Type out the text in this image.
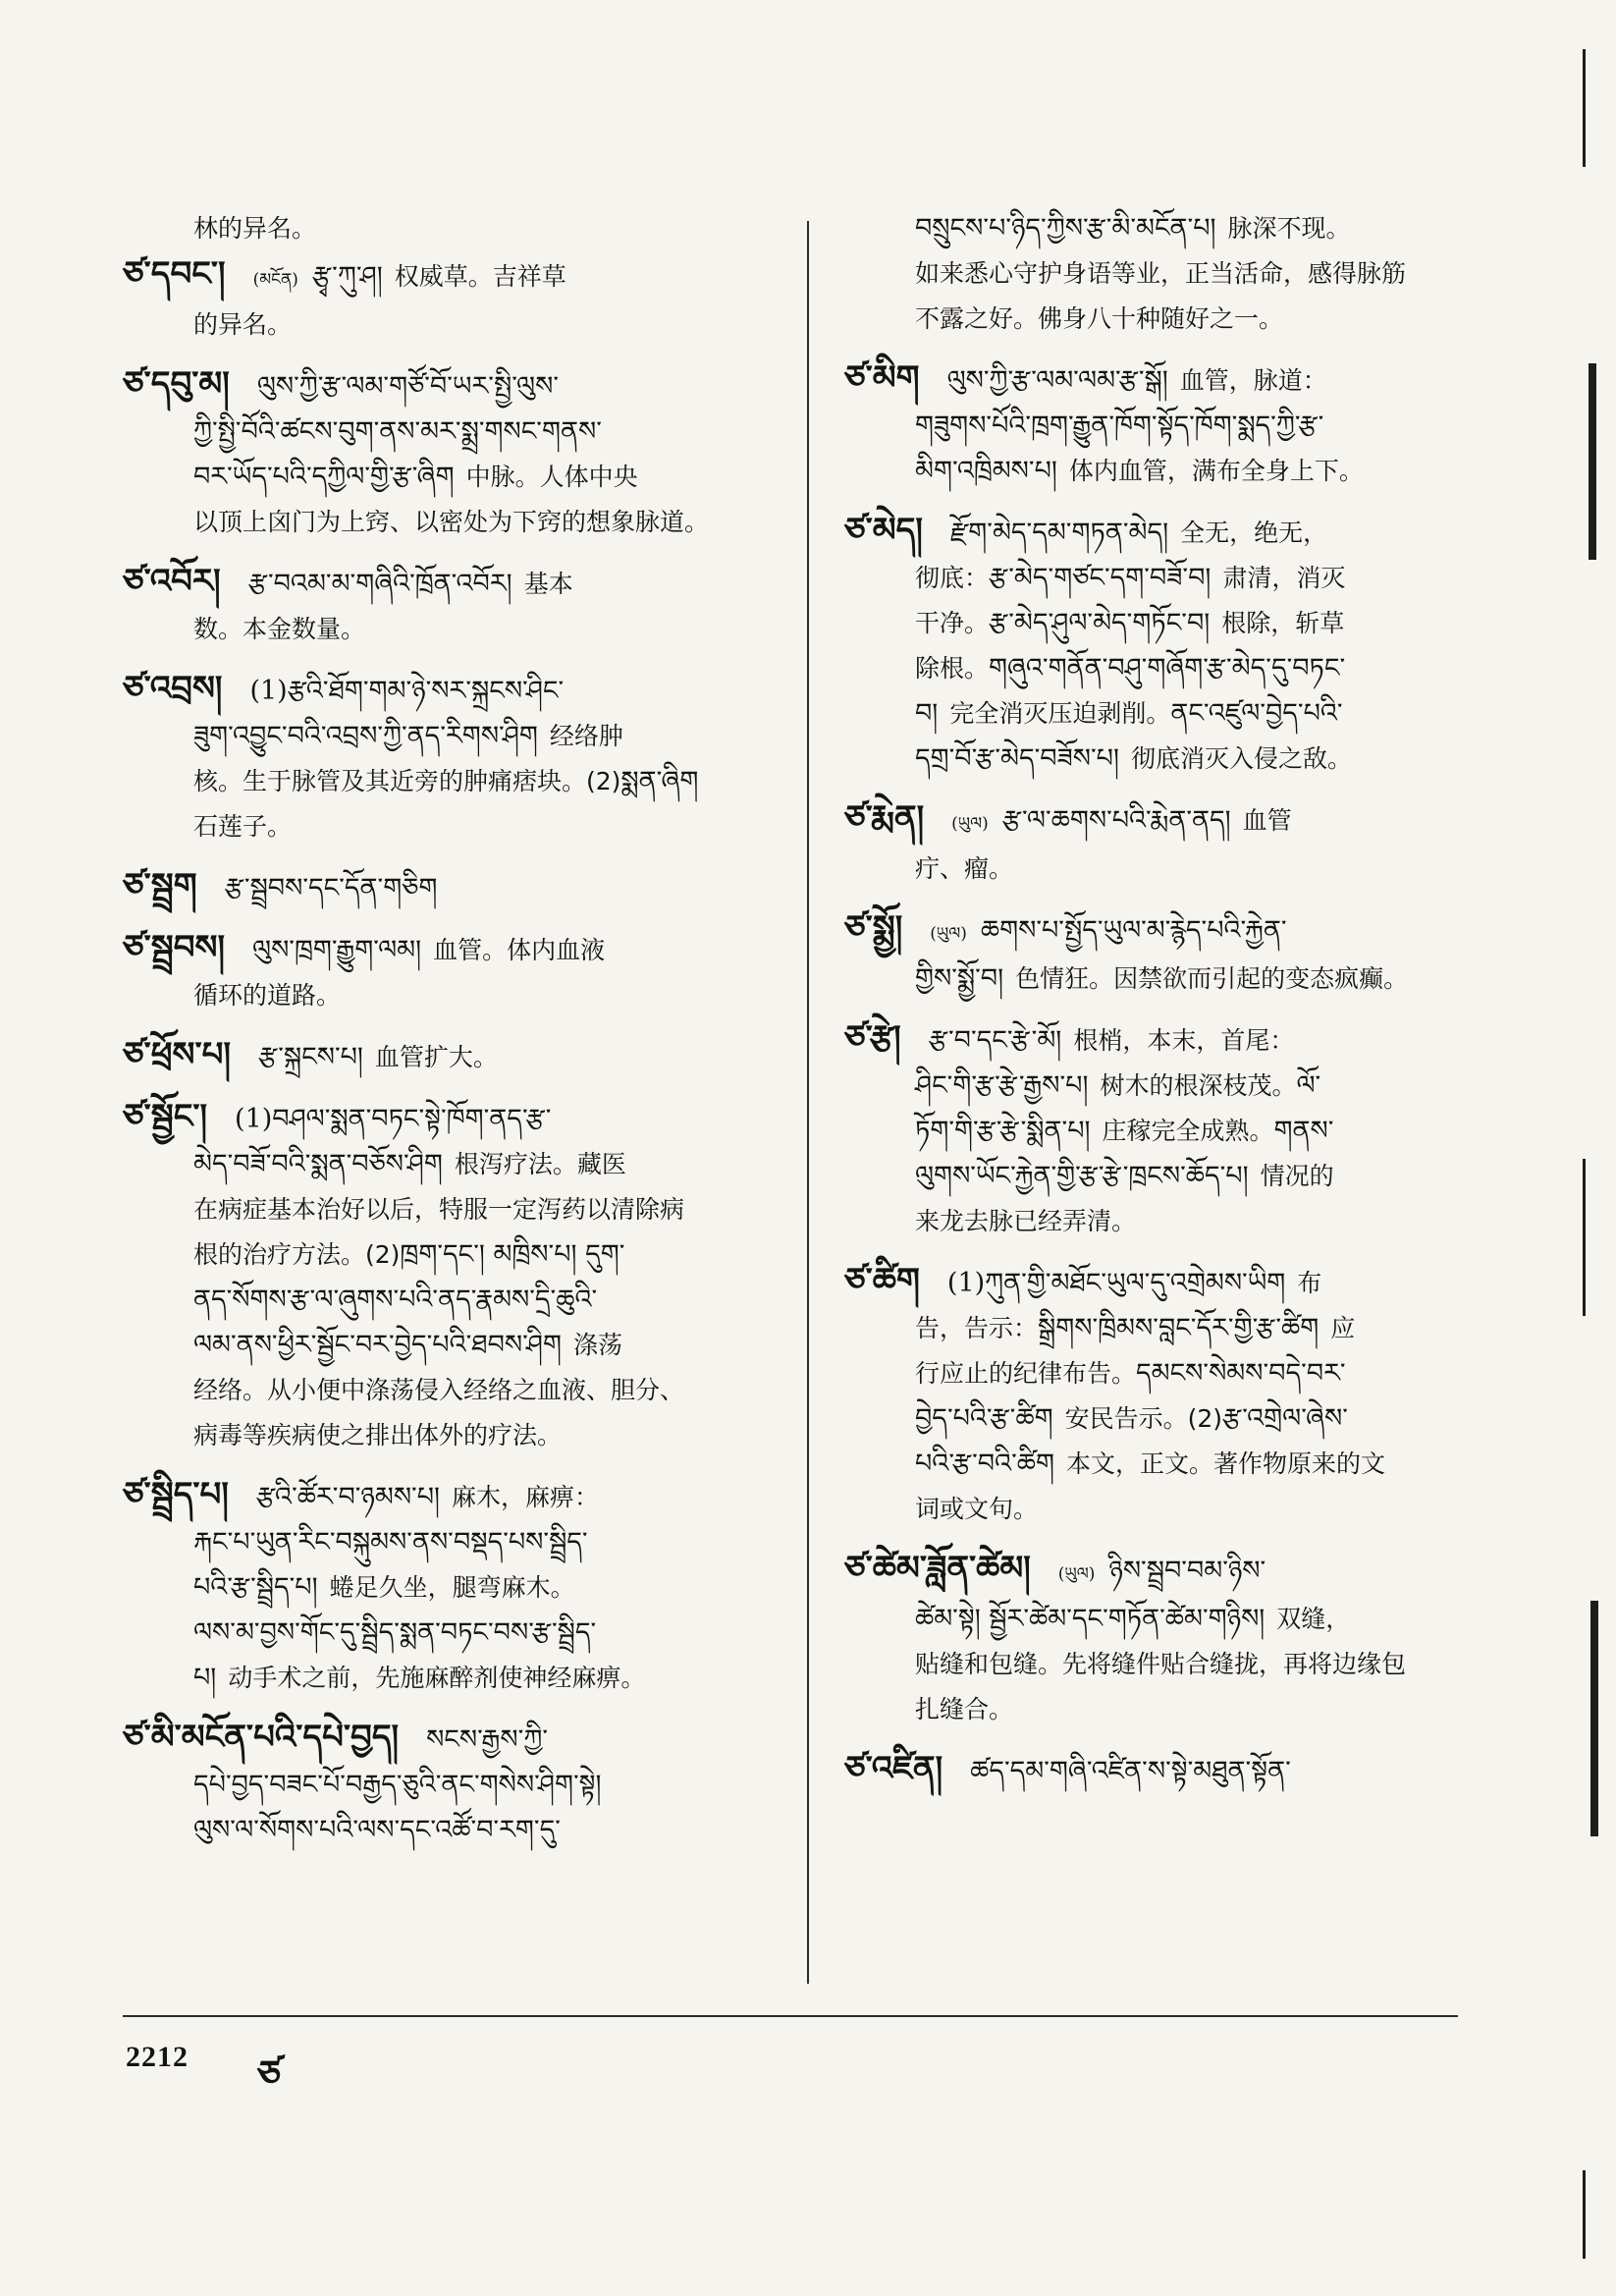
林的异名。
ཙ་དབང་། (མངོན) རྩྭ་ཀུ་ཤ། 权威草。吉祥草
的异名。
ཙ་དབུ་མ། ལུས་ཀྱི་རྩ་ལམ་གཙོ་བོ་ཡར་སྤྱི་ལུས་
ཀྱི་སྤྱི་བོའི་ཚངས་བུག་ནས་མར་སྨྲ་གསང་གནས་
བར་ཡོད་པའི་དཀྱིལ་གྱི་རྩ་ཞིག 中脉。人体中央
以顶上囟门为上窍、以密处为下窍的想象脉道。
ཙ་འབོར། རྩ་བའམ་མ་གཞིའི་ཁྲོན་འབོར། 基本
数。本金数量。
ཙ་འབྲས། (1)རྩའི་ཐོག་གམ་ཉེ་སར་སྐྲངས་ཤིང་
ཟུག་འབྱུང་བའི་འབྲས་ཀྱི་ནད་རིགས་ཤིག 经络肿
核。生于脉管及其近旁的肿痛痞块。(2)སྨན་ཞིག
石莲子。
ཙ་སྦྲག རྩ་སྦྲབས་དང་དོན་གཅིག
ཙ་སྦྲབས། ལུས་ཁྲག་རྒྱུག་ལམ། 血管。体内血液
循环的道路。
ཙ་ཕྲོས་པ། རྩ་སྐྲངས་པ། 血管扩大。
ཙ་སྦྱོང་། (1)བཤལ་སྨན་བཏང་སྟེ་ཁོག་ནད་རྩ་
མེད་བཟོ་བའི་སྨན་བཅོས་ཤིག 根泻疗法。藏医
在病症基本治好以后，特服一定泻药以清除病
根的治疗方法。(2)ཁྲག་དང་། མཁྲིས་པ། དུག་
ནད་སོགས་རྩ་ལ་ཞུགས་པའི་ནད་རྣམས་དྲི་ཆུའི་
ལམ་ནས་ཕྱིར་སྦྱོང་བར་བྱེད་པའི་ཐབས་ཤིག 涤荡
经络。从小便中涤荡侵入经络之血液、胆分、
病毒等疾病使之排出体外的疗法。
ཙ་སྦྲིད་པ། རྩའི་ཚོར་བ་ཉམས་པ། 麻木，麻痹：
རྐང་པ་ཡུན་རིང་བསྐུམས་ནས་བསྡད་པས་སྦྲིད་
པའི་རྩ་སྦྲིད་པ། 蜷足久坐，腿弯麻木。
ལས་མ་བྱས་གོང་དུ་སྦྲིད་སྨན་བཏང་བས་རྩ་སྦྲིད་
པ། 动手术之前，先施麻醉剂使神经麻痹。
ཙ་མི་མངོན་པའི་དཔེ་བྱད། སངས་རྒྱས་ཀྱི་
དཔེ་བྱད་བཟང་པོ་བརྒྱད་ཅུའི་ནང་གསེས་ཤིག་སྟེ།
ལུས་ལ་སོགས་པའི་ལས་དང་འཚོ་བ་རག་དུ་
བསྲུངས་པ་ཉིད་ཀྱིས་རྩ་མི་མངོན་པ། 脉深不现。
如来悉心守护身语等业，正当活命，感得脉筋
不露之好。佛身八十种随好之一。
ཙ་མིག ལུས་ཀྱི་རྩ་ལམ་ལམ་རྩ་སྒོ། 血管，脉道：
གཟུགས་པོའི་ཁྲག་རྒྱུན་ཁོག་སྟོད་ཁོག་སྨད་ཀྱི་རྩ་
མིག་འཁྲིམས་པ། 体内血管，满布全身上下。
ཙ་མེད། རྫོག་མེད་དམ་གཏན་མེད། 全无，绝无，
彻底：རྩ་མེད་གཙང་དག་བཟོ་བ། 肃清，消灭
干净。རྩ་མེད་ཤུལ་མེད་གཏོང་བ། 根除，斩草
除根。གཞུའ་གནོན་བཤུ་གཞོག་རྩ་མེད་དུ་བཏང་
བ། 完全消灭压迫剥削。ནང་འཛུལ་བྱེད་པའི་
དགྲ་བོ་རྩ་མེད་བཟོས་པ། 彻底消灭入侵之敌。
ཙ་རྨེན། (ཡུལ) རྩ་ལ་ཆགས་པའི་རྨེན་ནད། 血管
疔、瘤。
ཙ་སྨྱོ། (ཡུལ) ཆགས་པ་སྤྱོད་ཡུལ་མ་རྙེད་པའི་རྐྱེན་
གྱིས་སྨྱོ་བ། 色情狂。因禁欲而引起的变态疯癫。
ཙ་རྩེ། རྩ་བ་དང་རྩེ་མོ། 根梢，本末，首尾：
ཤིང་གི་རྩ་རྩེ་རྒྱས་པ། 树木的根深枝茂。ལོ་
ཏོག་གི་རྩ་རྩེ་སྨིན་པ། 庄稼完全成熟。གནས་
ལུགས་ཡོང་རྐྱེན་གྱི་རྩ་རྩེ་ཁྲངས་ཆོད་པ། 情况的
来龙去脉已经弄清。
ཙ་ཚིག (1)ཀུན་གྱི་མཐོང་ཡུལ་དུ་འགྲེམས་ཡིག 布
告，告示：སྒྲིགས་ཁྲིམས་བླང་དོར་གྱི་རྩ་ཚིག 应
行应止的纪律布告。དམངས་སེམས་བདེ་བར་
བྱེད་པའི་རྩ་ཚིག 安民告示。(2)རྩ་འགྲེལ་ཞེས་
པའི་རྩ་བའི་ཚིག 本文，正文。著作物原来的文
词或文句。
ཙ་ཚེམ་ཟློན་ཚེམ། (ཡུལ) ཉིས་སྦྲབ་བམ་ཉིས་
ཚེམ་སྟེ། སྦྱོར་ཚེམ་དང་གཏོན་ཚེམ་གཉིས། 双缝，
贴缝和包缝。先将缝件贴合缝拢，再将边缘包
扎缝合。
ཙ་འཛིན། ཚད་དམ་གཞི་འཛིན་ས་སྟེ་མཐུན་སྟོན་
2212 ཙ
